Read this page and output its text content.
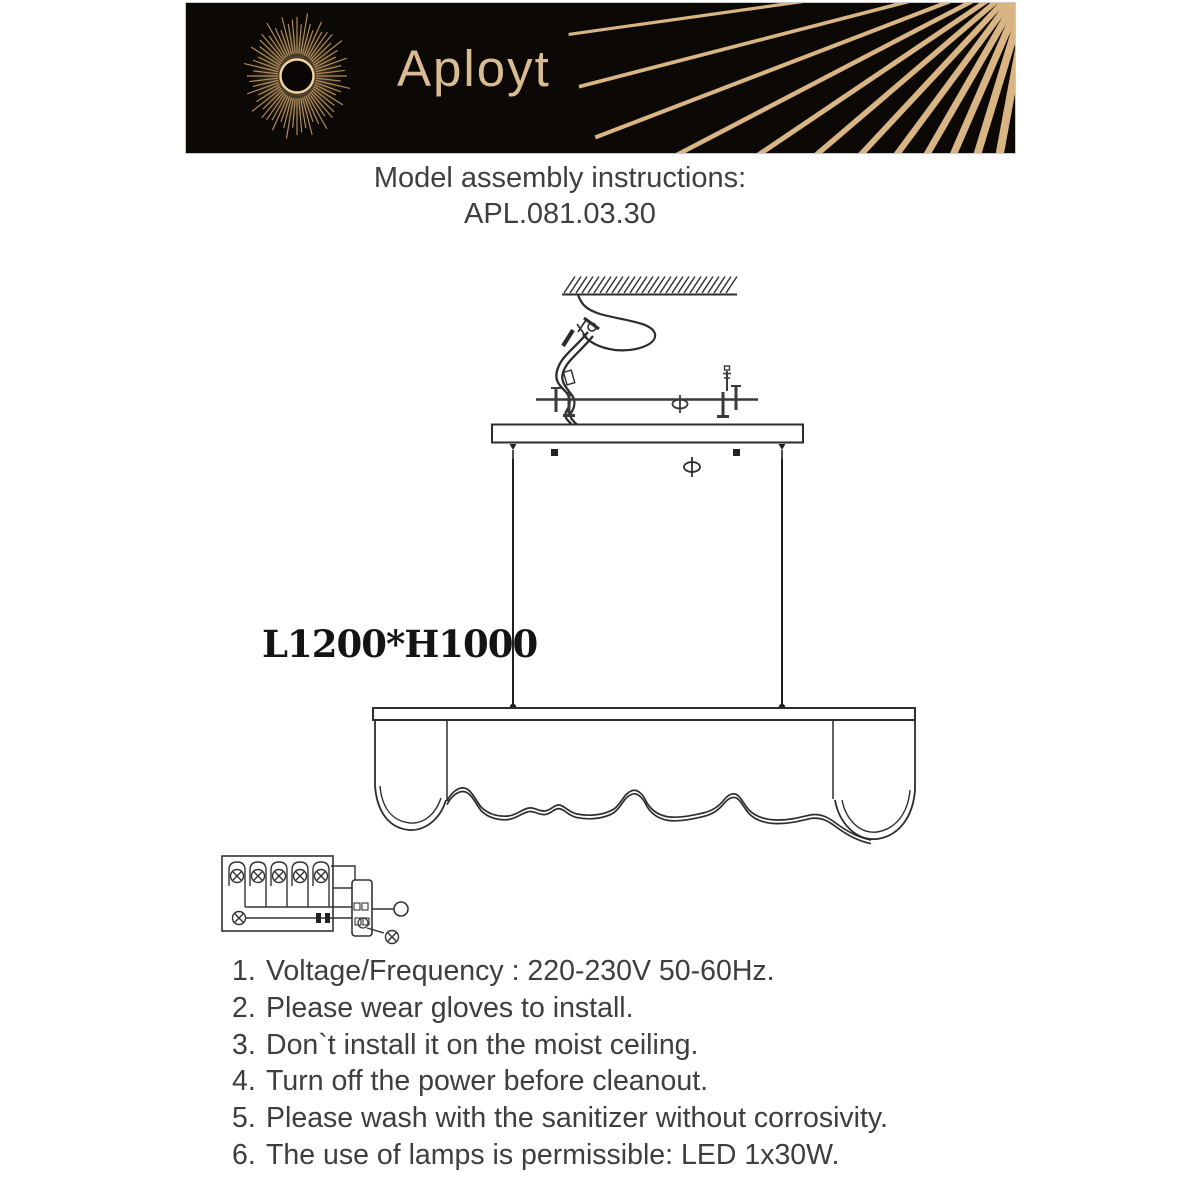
Aployt
Model assembly instructions:
APL.081.03.30
L1200*H1000
1. Voltage/Frequency : 220-230V 50-60Hz.
2. Please wear gloves to install.
3. Don`t install it on the moist ceiling.
4. Turn off the power before cleanout.
5. Please wash with the sanitizer without corrosivity.
6. The use of lamps is permissible: LED 1x30W.
